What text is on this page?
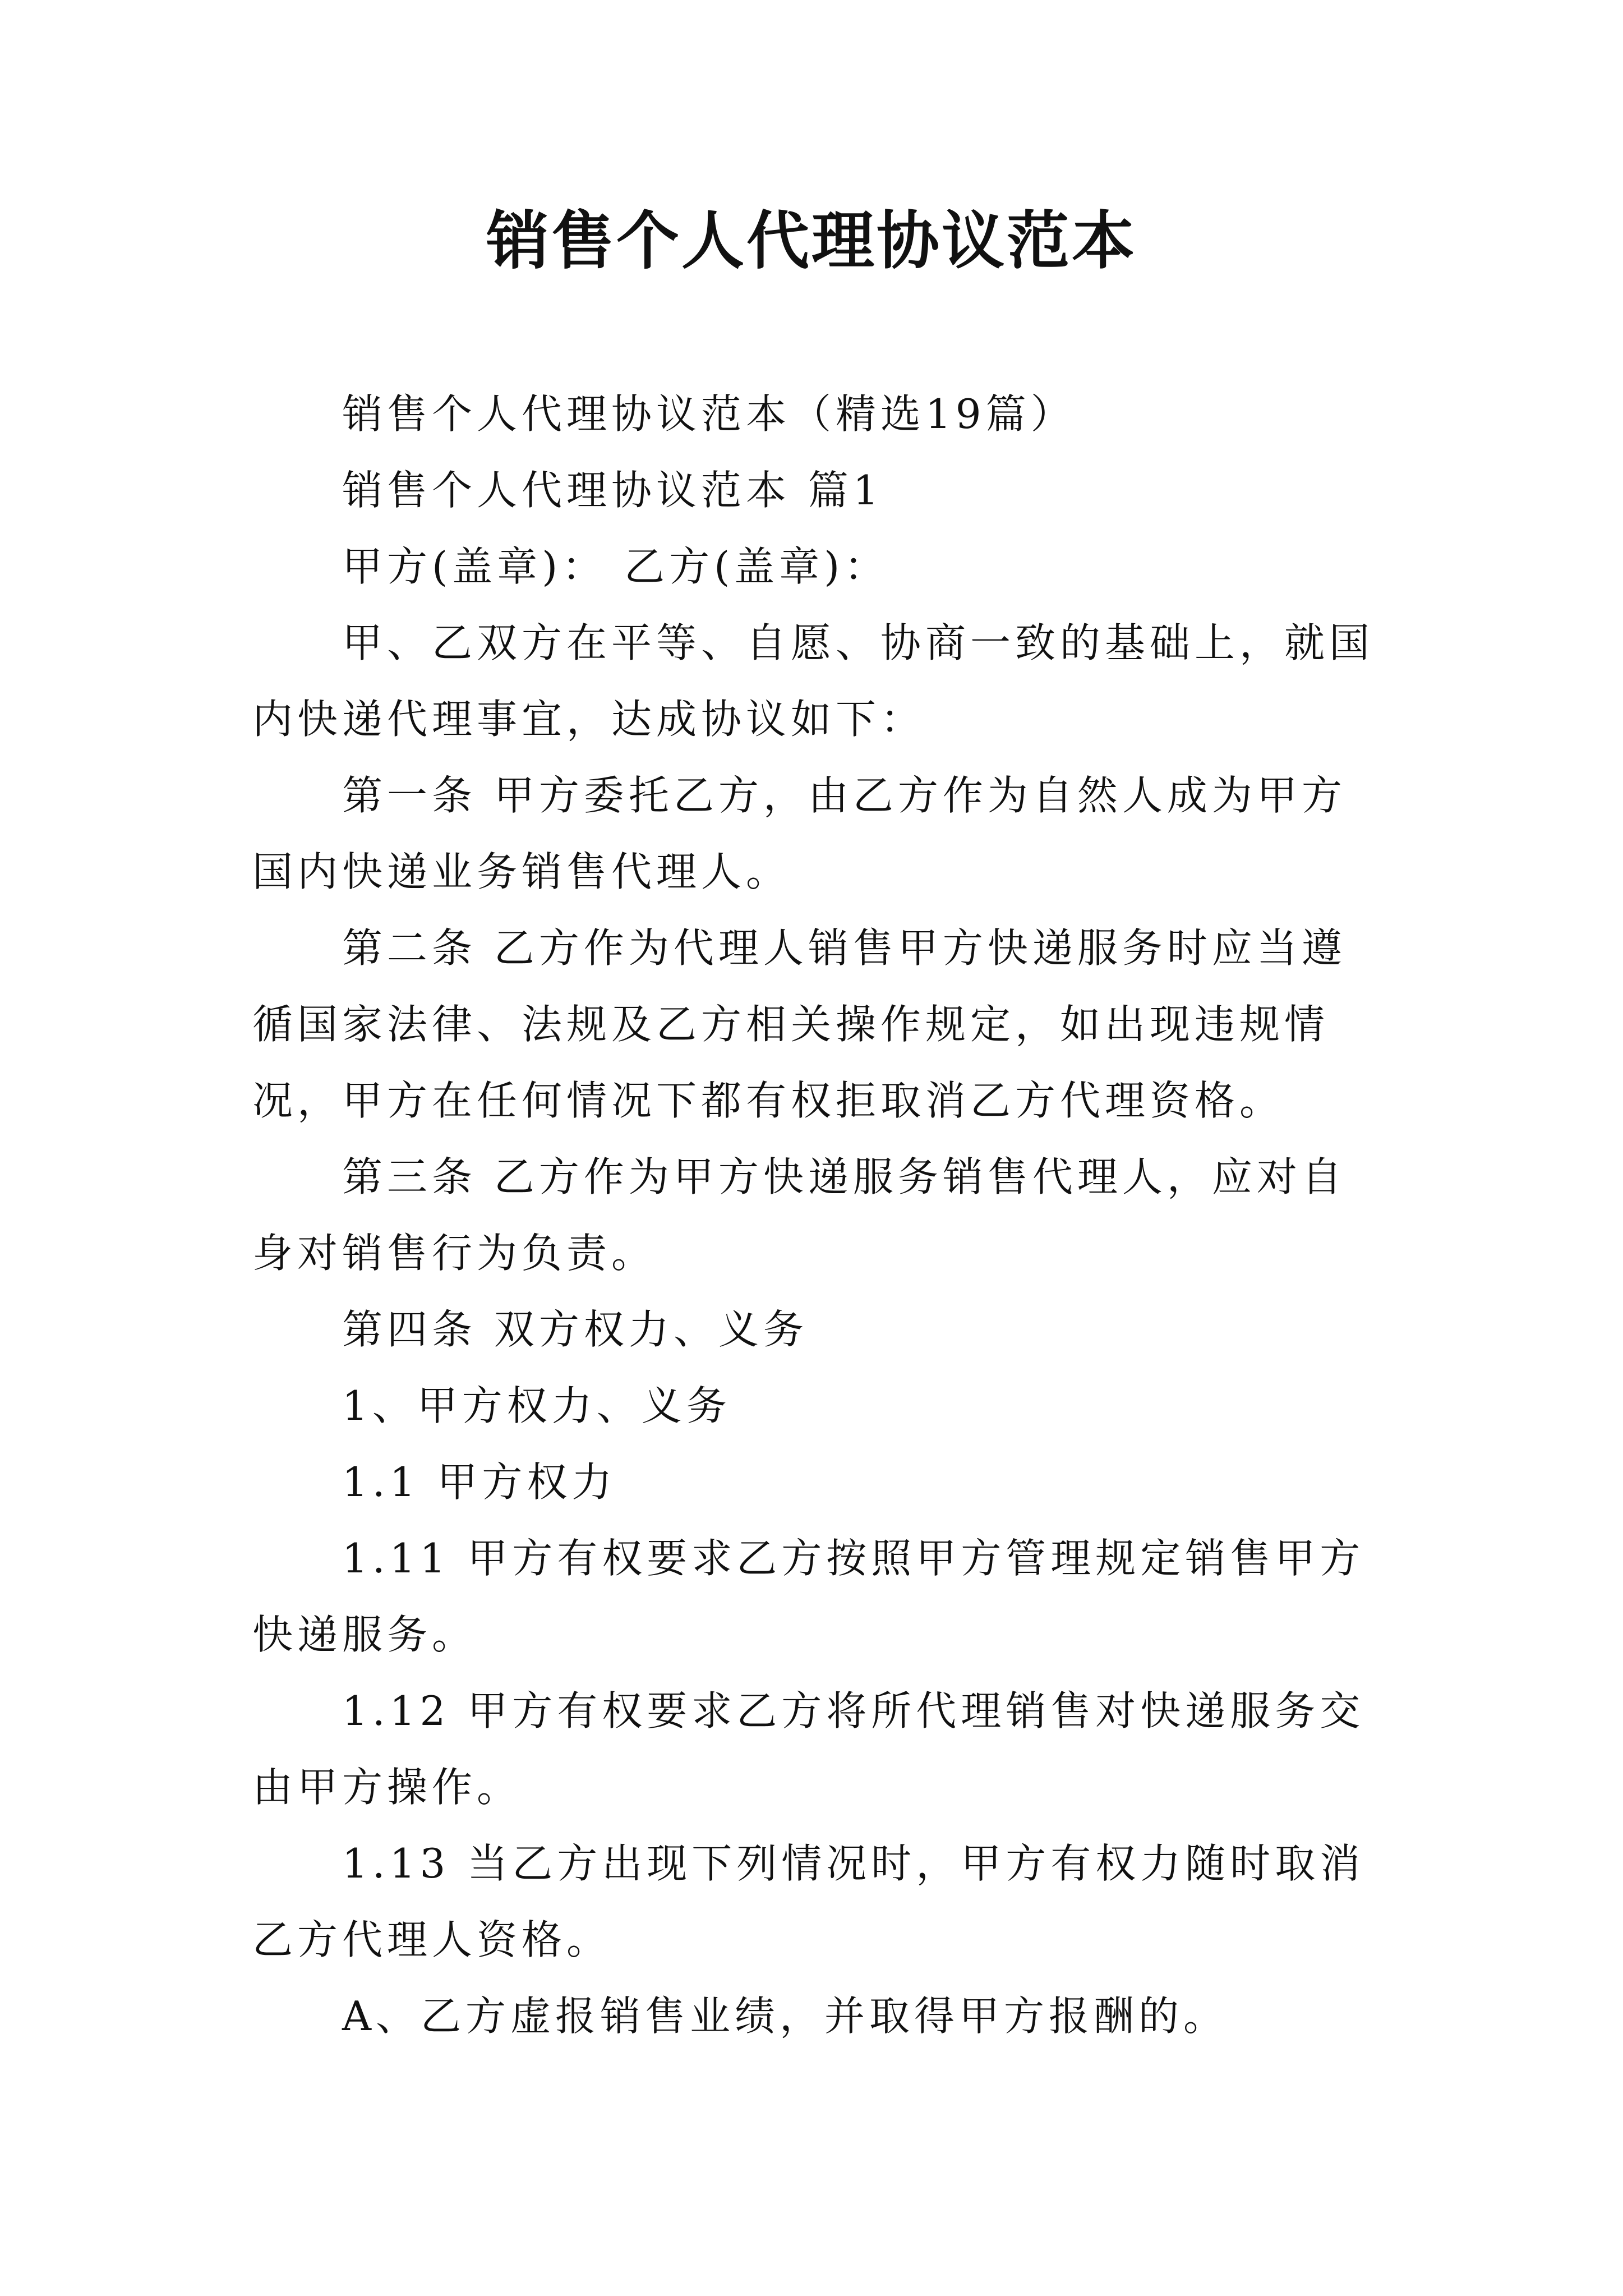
销售个人代理协议范本

销售个人代理协议范本（精选19篇）

销售个人代理协议范本 篇1

甲方(盖章)： 乙方(盖章)：

甲、乙双方在平等、自愿、协商一致的基础上，就国内快递代理事宜，达成协议如下：

第一条 甲方委托乙方，由乙方作为自然人成为甲方国内快递业务销售代理人。

第二条 乙方作为代理人销售甲方快递服务时应当遵循国家法律、法规及乙方相关操作规定，如出现违规情况，甲方在任何情况下都有权拒取消乙方代理资格。

第三条 乙方作为甲方快递服务销售代理人，应对自身对销售行为负责。

第四条 双方权力、义务

1、甲方权力、义务

1.1 甲方权力

1.11 甲方有权要求乙方按照甲方管理规定销售甲方快递服务。

1.12 甲方有权要求乙方将所代理销售对快递服务交由甲方操作。

1.13 当乙方出现下列情况时，甲方有权力随时取消乙方代理人资格。

A、乙方虚报销售业绩，并取得甲方报酬的。
